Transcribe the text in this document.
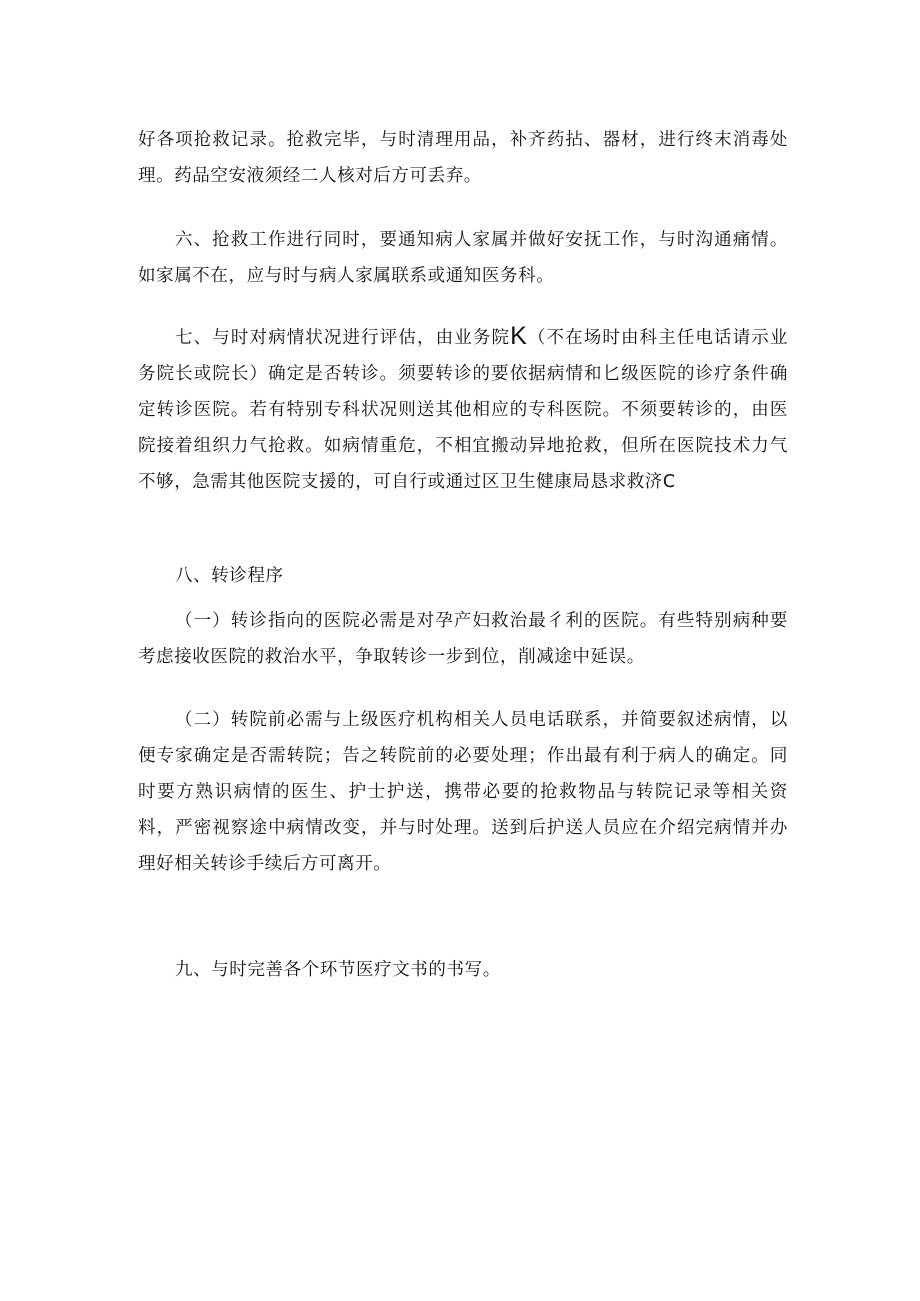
好各项抢救记录。抢救完毕，与时清理用品，补齐药拈、器材，进行终末消毒处理。药品空安液须经二人核对后方可丢弃。

六、抢救工作进行同时，要通知病人家属并做好安抚工作，与时沟通痛情。如家属不在，应与时与病人家属联系或通知医务科。

七、与时对病情状况进行评估，由业务院K（不在场时由科主任电话请示业务院长或院长）确定是否转诊。须要转诊的要依据病情和匕级医院的诊疗条件确定转诊医院。若有特别专科状况则送其他相应的专科医院。不须要转诊的，由医院接着组织力气抢救。如病情重危，不相宜搬动异地抢救，但所在医院技术力气不够，急需其他医院支援的，可自行或通过区卫生健康局恳求救济C

八、转诊程序

（一）转诊指向的医院必需是对孕产妇救治最彳利的医院。有些特别病种要考虑接收医院的救治水平，争取转诊一步到位，削减途中延误。

（二）转院前必需与上级医疗机构相关人员电话联系，并简要叙述病情，以便专家确定是否需转院；告之转院前的必要处理；作出最有利于病人的确定。同时要方熟识病情的医生、护士护送，携带必要的抢救物品与转院记录等相关资料，严密视察途中病情改变，并与时处理。送到后护送人员应在介绍完病情并办理好相关转诊手续后方可离开。

九、与时完善各个环节医疗文书的书写。
